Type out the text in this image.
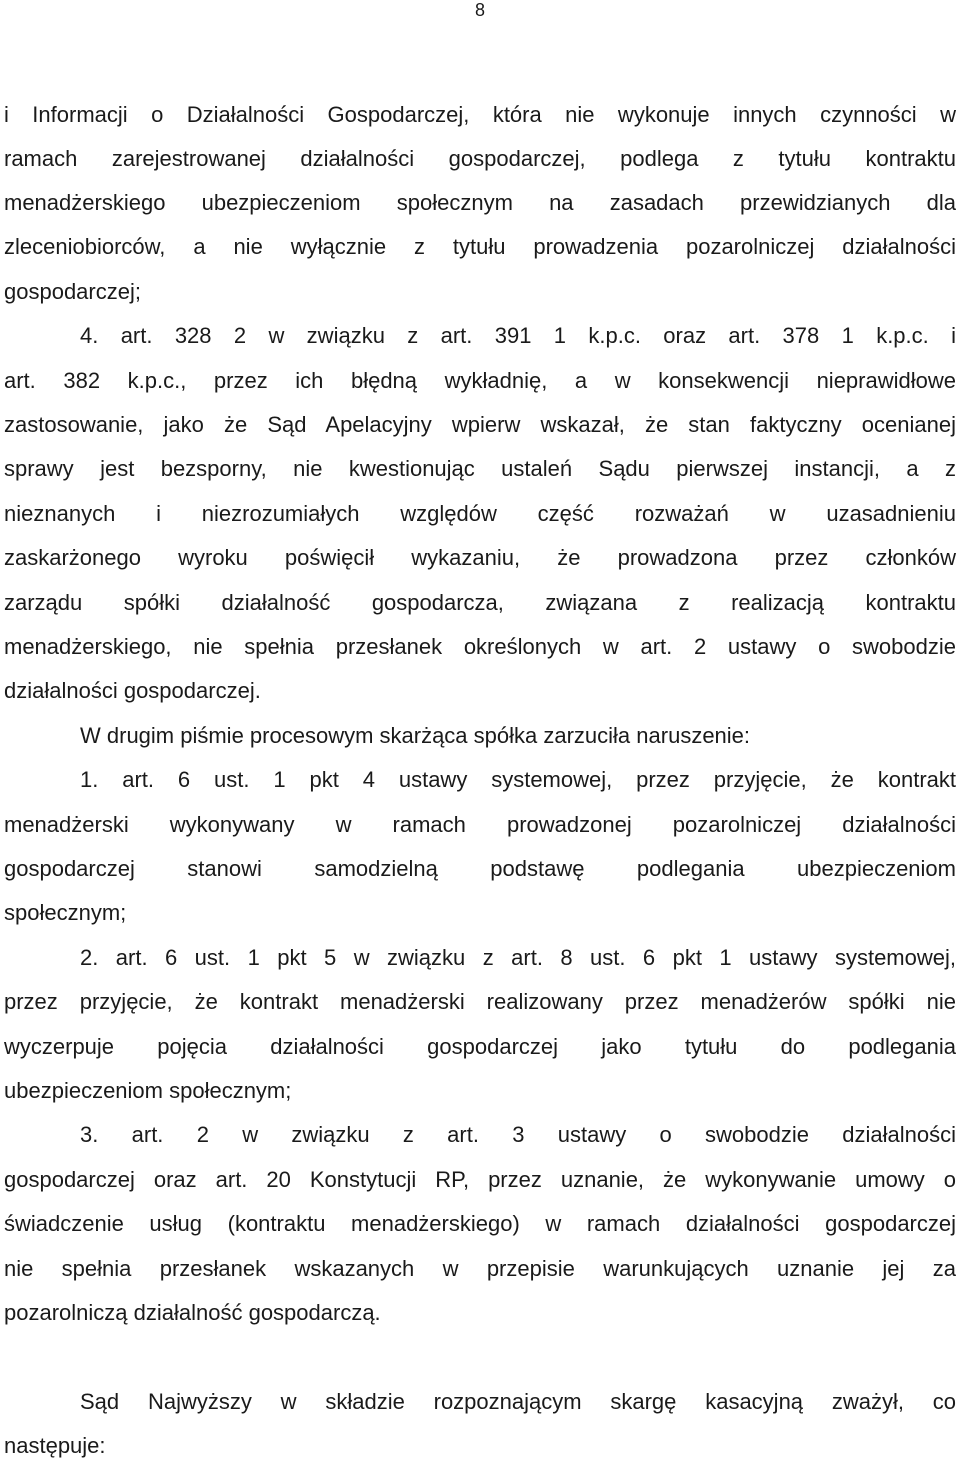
8
i Informacji o Działalności Gospodarczej, która nie wykonuje innych czynności w
ramach zarejestrowanej działalności gospodarczej, podlega z tytułu kontraktu
menadżerskiego ubezpieczeniom społecznym na zasadach przewidzianych dla
zleceniobiorców, a nie wyłącznie z tytułu prowadzenia pozarolniczej działalności
gospodarczej;
4. art. 328 2 w związku z art. 391 1 k.p.c. oraz art. 378 1 k.p.c. i
art. 382 k.p.c., przez ich błędną wykładnię, a w konsekwencji nieprawidłowe
zastosowanie, jako że Sąd Apelacyjny wpierw wskazał, że stan faktyczny ocenianej
sprawy jest bezsporny, nie kwestionując ustaleń Sądu pierwszej instancji, a z
nieznanych i niezrozumiałych względów część rozważań w uzasadnieniu
zaskarżonego wyroku poświęcił wykazaniu, że prowadzona przez członków
zarządu spółki działalność gospodarcza, związana z realizacją kontraktu
menadżerskiego, nie spełnia przesłanek określonych w art. 2 ustawy o swobodzie
działalności gospodarczej.
W drugim piśmie procesowym skarżąca spółka zarzuciła naruszenie:
1. art. 6 ust. 1 pkt 4 ustawy systemowej, przez przyjęcie, że kontrakt
menadżerski wykonywany w ramach prowadzonej pozarolniczej działalności
gospodarczej stanowi samodzielną podstawę podlegania ubezpieczeniom
społecznym;
2. art. 6 ust. 1 pkt 5 w związku z art. 8 ust. 6 pkt 1 ustawy systemowej,
przez przyjęcie, że kontrakt menadżerski realizowany przez menadżerów spółki nie
wyczerpuje pojęcia działalności gospodarczej jako tytułu do podlegania
ubezpieczeniom społecznym;
3. art. 2 w związku z art. 3 ustawy o swobodzie działalności
gospodarczej oraz art. 20 Konstytucji RP, przez uznanie, że wykonywanie umowy o
świadczenie usług (kontraktu menadżerskiego) w ramach działalności gospodarczej
nie spełnia przesłanek wskazanych w przepisie warunkujących uznanie jej za
pozarolniczą działalność gospodarczą.
Sąd Najwyższy w składzie rozpoznającym skargę kasacyjną zważył, co
następuje:
